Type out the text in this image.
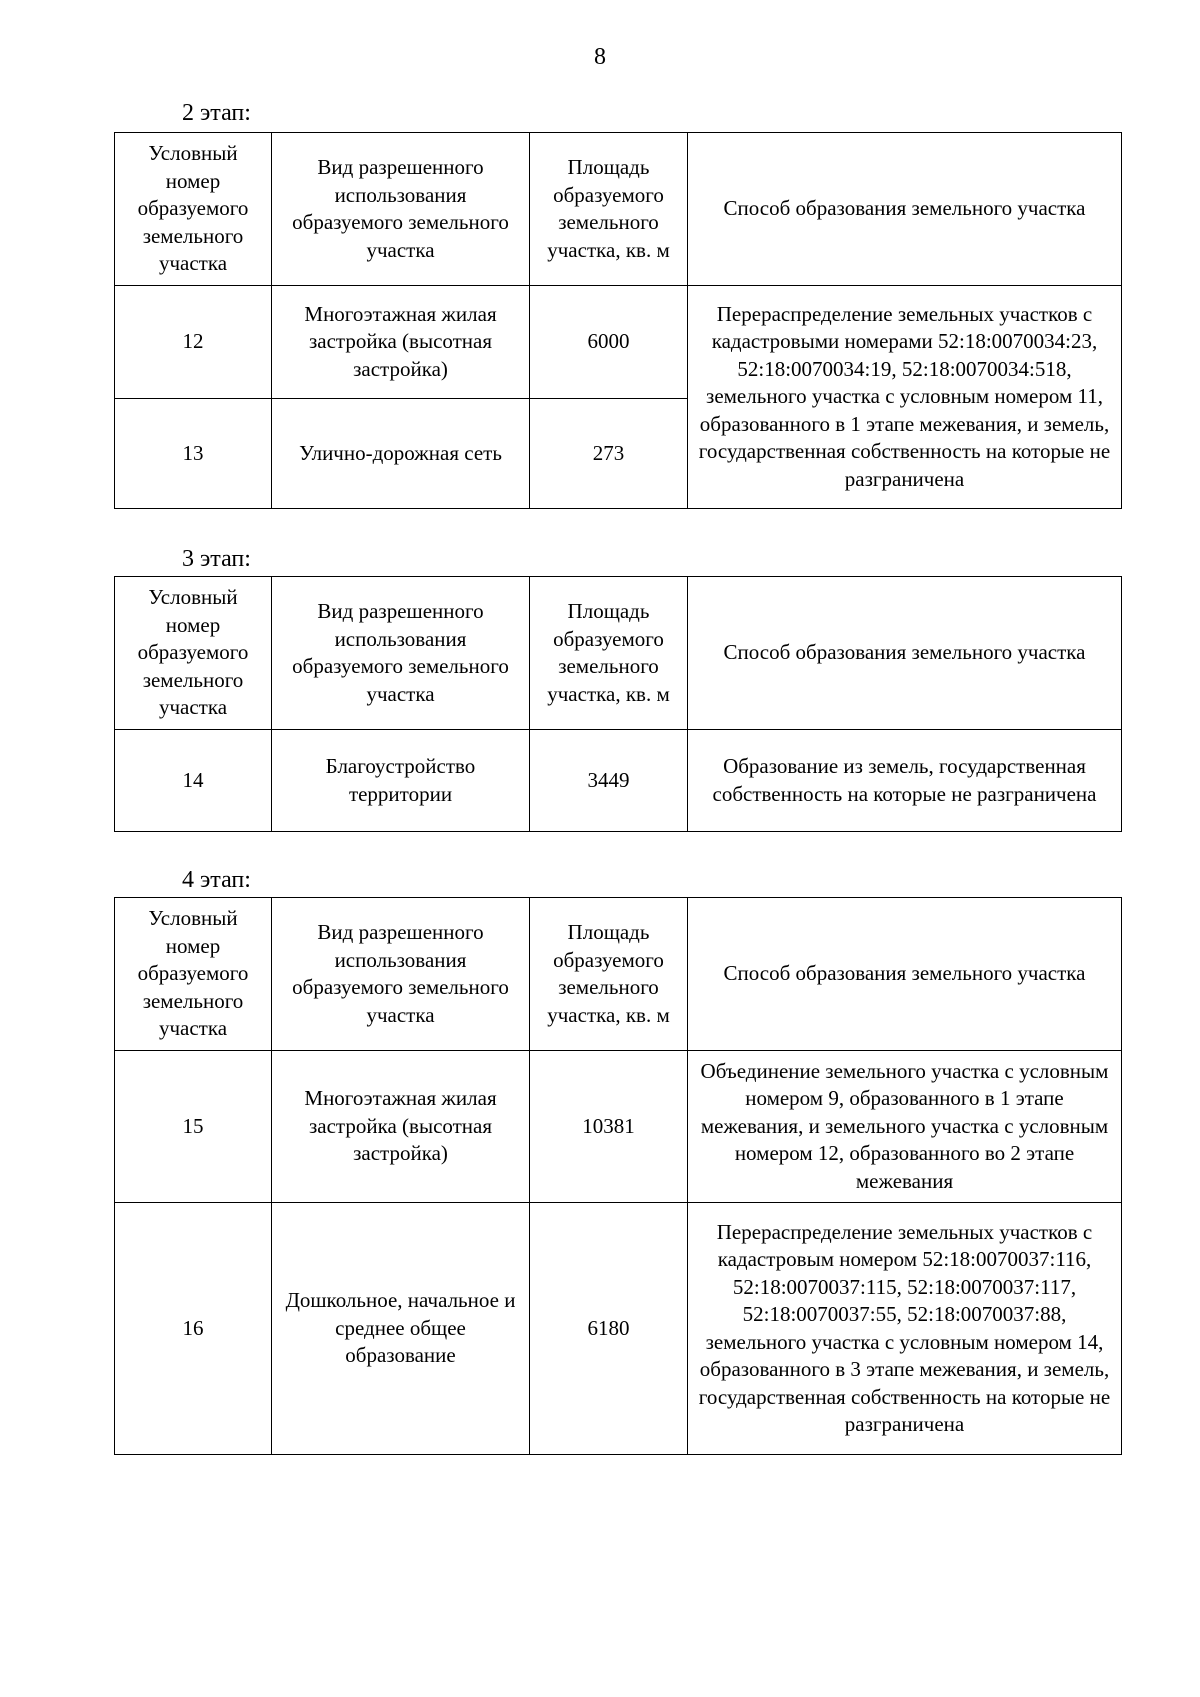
8
2 этап:
Условный номер образуемого земельного участка	Вид разрешенного использования образуемого земельного участка	Площадь образуемого земельного участка, кв. м	Способ образования земельного участка
12	Многоэтажная жилая застройка (высотная застройка)	6000	Перераспределение земельных участков с кадастровыми номерами 52:18:0070034:23, 52:18:0070034:19, 52:18:0070034:518, земельного участка с условным номером 11, образованного в 1 этапе межевания, и земель, государственная собственность на которые не разграничена
13	Улично-дорожная сеть	273	
3 этап:
Условный номер образуемого земельного участка	Вид разрешенного использования образуемого земельного участка	Площадь образуемого земельного участка, кв. м	Способ образования земельного участка
14	Благоустройство территории	3449	Образование из земель, государственная собственность на которые не разграничена
4 этап:
Условный номер образуемого земельного участка	Вид разрешенного использования образуемого земельного участка	Площадь образуемого земельного участка, кв. м	Способ образования земельного участка
15	Многоэтажная жилая застройка (высотная застройка)	10381	Объединение земельного участка с условным номером 9, образованного в 1 этапе межевания, и земельного участка с условным номером 12, образованного во 2 этапе межевания
16	Дошкольное, начальное и среднее общее образование	6180	Перераспределение земельных участков с кадастровым номером 52:18:0070037:116, 52:18:0070037:115, 52:18:0070037:117, 52:18:0070037:55, 52:18:0070037:88, земельного участка с условным номером 14, образованного в 3 этапе межевания, и земель, государственная собственность на которые не разграничена
